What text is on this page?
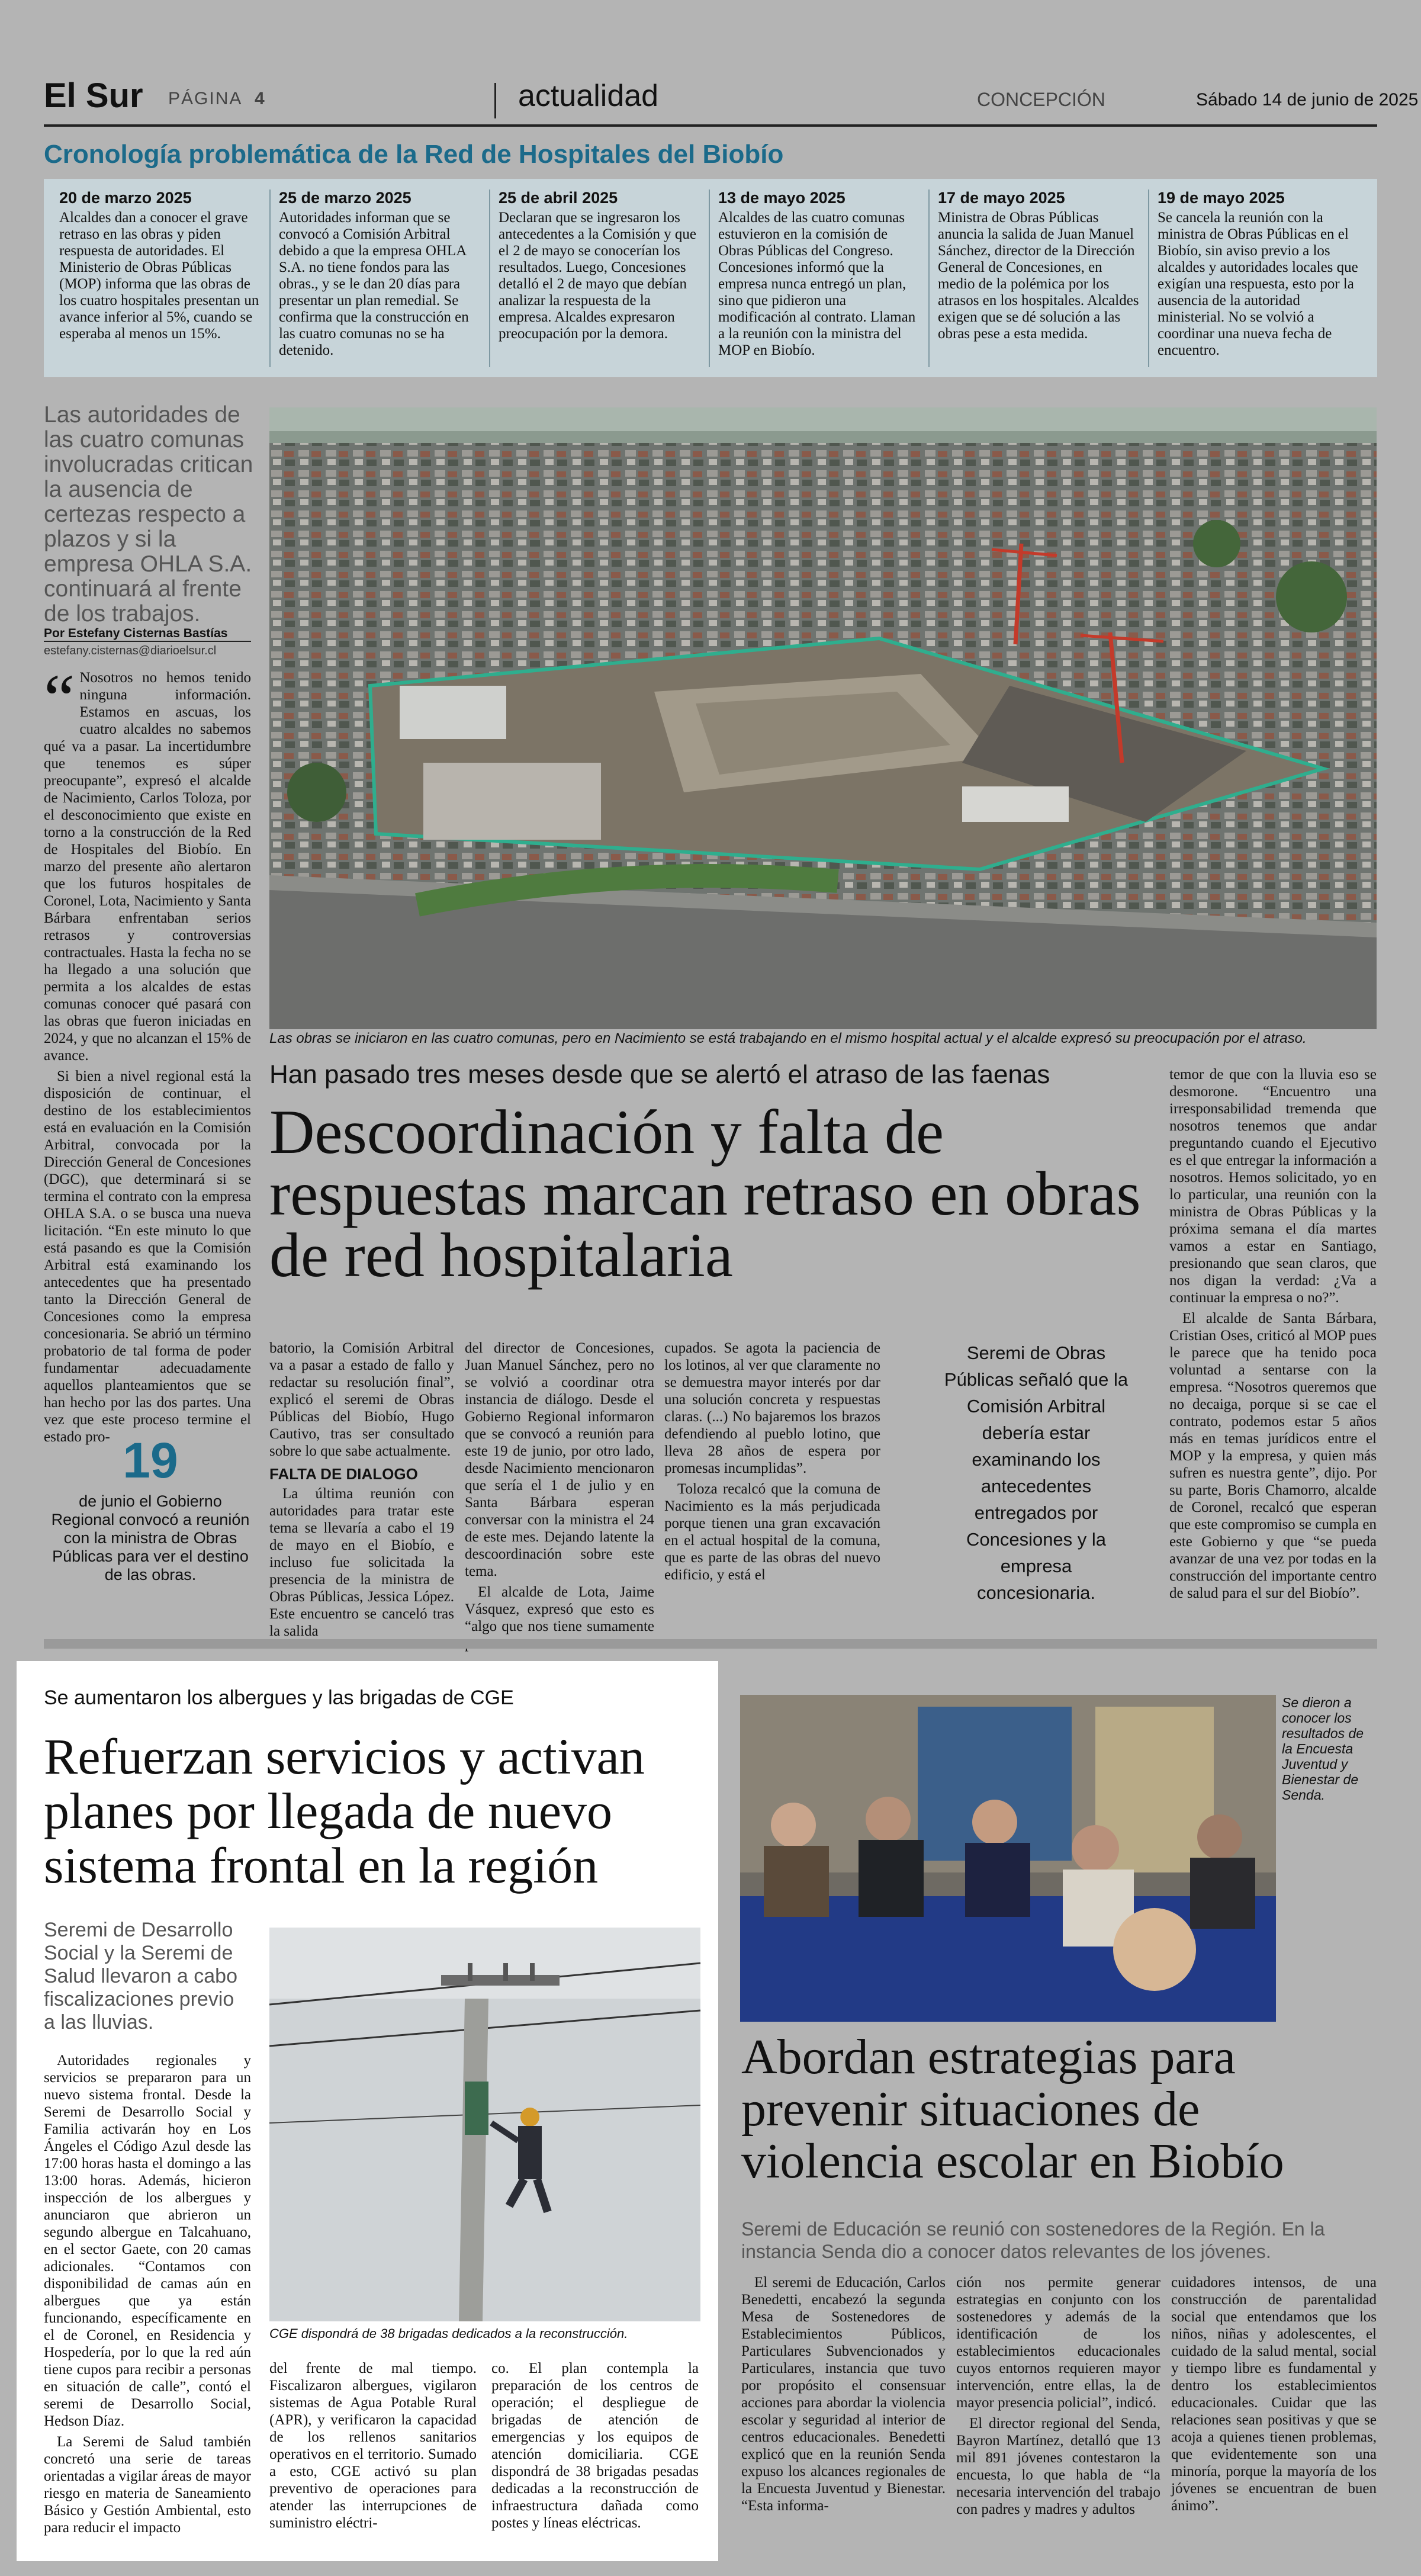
El Sur PÁGINA 4	actualidad	CONCEPCIÓN	Sábado 14 de junio de 2025
Cronología problemática de la Red de Hospitales del Biobío
20 de marzo 2025
Alcaldes dan a conocer el grave retraso en las obras y piden respuesta de autoridades. El Ministerio de Obras Públicas (MOP) informa que las obras de los cuatro hospitales presentan un avance inferior al 5%, cuando se esperaba al menos un 15%.
25 de marzo 2025
Autoridades informan que se convocó a Comisión Arbitral debido a que la empresa OHLA S.A. no tiene fondos para las obras., y se le dan 20 días para presentar un plan remedial. Se confirma que la construcción en las cuatro comunas no se ha detenido.
25 de abril 2025
Declaran que se ingresaron los antecedentes a la Comisión y que el 2 de mayo se conocerían los resultados. Luego, Concesiones detalló el 2 de mayo que debían analizar la respuesta de la empresa. Alcaldes expresaron preocupación por la demora.
13 de mayo 2025
Alcaldes de las cuatro comunas estuvieron en la comisión de Obras Públicas del Congreso. Concesiones informó que la empresa nunca entregó un plan, sino que pidieron una modificación al contrato. Llaman a la reunión con la ministra del MOP en Biobío.
17 de mayo 2025
Ministra de Obras Públicas anuncia la salida de Juan Manuel Sánchez, director de la Dirección General de Concesiones, en medio de la polémica por los atrasos en los hospitales. Alcaldes exigen que se dé solución a las obras pese a esta medida.
19 de mayo 2025
Se cancela la reunión con la ministra de Obras Públicas en el Biobío, sin aviso previo a los alcaldes y autoridades locales que exigían una respuesta, esto por la ausencia de la autoridad ministerial. No se volvió a coordinar una nueva fecha de encuentro.
Las autoridades de las cuatro comunas involucradas critican la ausencia de certezas respecto a plazos y si la empresa OHLA S.A. continuará al frente de los trabajos.
Por Estefany Cisternas Bastías
estefany.cisternas@diarioelsur.cl

“ Nosotros no hemos tenido ninguna información. Estamos en ascuas, los cuatro alcaldes no sabemos qué va a pasar. La incertidumbre que tenemos es súper preocupante”, expresó el alcalde de Nacimiento, Carlos Toloza, por el desconocimiento que existe en torno a la construcción de la Red de Hospitales del Biobío. En marzo del presente año alertaron que los futuros hospitales de Coronel, Lota, Nacimiento y Santa Bárbara enfrentaban serios retrasos y controversias contractuales. Hasta la fecha no se ha llegado a una solución que permita a los alcaldes de estas comunas conocer qué pasará con las obras que fueron iniciadas en 2024, y que no alcanzan el 15% de avance.

Si bien a nivel regional está la disposición de continuar, el destino de los establecimientos está en evaluación en la Comisión Arbitral, convocada por la Dirección General de Concesiones (DGC), que determinará si se termina el contrato con la empresa OHLA S.A. o se busca una nueva licitación. “En este minuto lo que está pasando es que la Comisión Arbitral está examinando los antecedentes que ha presentado tanto la Dirección General de Concesiones como la empresa concesionaria. Se abrió un término probatorio de tal forma de poder fundamentar adecuadamente aquellos planteamientos que se han hecho por las dos partes. Una vez que este proceso termine el estado pro- 19
de junio el Gobierno Regional convocó a reunión con la ministra de Obras Públicas para ver el destino de las obras.
Las obras se iniciaron en las cuatro comunas, pero en Nacimiento se está trabajando en el mismo hospital actual y el alcalde expresó su preocupación por el atraso.
Han pasado tres meses desde que se alertó el atraso de las faenas
Descoordinación y falta de respuestas marcan retraso en obras de red hospitalaria

batorio, la Comisión Arbitral va a pasar a estado de fallo y redactar su resolución final”, explicó el seremi de Obras Públicas del Biobío, Hugo Cautivo, tras ser consultado sobre lo que sabe actualmente.

FALTA DE DIALOGO

La última reunión con autoridades para tratar este tema se llevaría a cabo el 19 de mayo en el Biobío, e incluso fue solicitada la presencia de la ministra de Obras Públicas, Jessica López. Este encuentro se canceló tras la salida

del director de Concesiones, Juan Manuel Sánchez, pero no se volvió a coordinar otra instancia de diálogo. Desde el Gobierno Regional informaron que se convocó a reunión para este 19 de junio, por otro lado, desde Nacimiento mencionaron que sería el 1 de julio y en Santa Bárbara esperan conversar con la ministra el 24 de este mes. Dejando latente la descoordinación sobre este tema.

El alcalde de Lota, Jaime Vásquez, expresó que esto es “algo que nos tiene sumamente

cupados. Se agota la paciencia de los lotinos, al ver que claramente no se demuestra mayor interés por dar una solución concreta y respuestas claras. (...) No bajaremos los brazos defendiendo al pueblo lotino, que lleva 28 años de espera por promesas incumplidas”.

Toloza recalcó que la comuna de Nacimiento es la más perjudicada porque tienen una gran excavación en el actual hospital de la comuna, que es parte de las obras del nuevo edificio, y está el

Seremi de Obras Públicas señaló que la Comisión Arbitral debería estar examinando los antecedentes entregados por Concesiones y la empresa concesionaria.

temor de que con la lluvia eso se desmorone. “Encuentro una irresponsabilidad tremenda que nosotros tenemos que andar preguntando cuando el Ejecutivo es el que entregar la información a nosotros. Hemos solicitado, yo en lo particular, una reunión con la ministra de Obras Públicas y la próxima semana el día martes vamos a estar en Santiago, presionando que sean claros, que nos digan la verdad: ¿Va a continuar la empresa o no?”.

El alcalde de Santa Bárbara, Cristian Oses, criticó al MOP pues le parece que ha tenido poca voluntad a sentarse con la empresa. “Nosotros queremos que no decaiga, porque si se cae el contrato, podemos estar 5 años más en temas jurídicos entre el MOP y la empresa, y quien más sufren es nuestra gente”, dijo. Por su parte, Boris Chamorro, alcalde de Coronel, recalcó que esperan que este compromiso se cumpla en este Gobierno y que “se pueda avanzar de una vez por todas en la construcción del importante centro de salud para el sur del Biobío”.

Se aumentaron los albergues y las brigadas de CGE
Refuerzan servicios y activan planes por llegada de nuevo sistema frontal en la región
Seremi de Desarrollo Social y la Seremi de Salud llevaron a cabo fiscalizaciones previo a las lluvias.

Autoridades regionales y servicios se prepararon para un nuevo sistema frontal. Desde la Seremi de Desarrollo Social y Familia activarán hoy en Los Ángeles el Código Azul desde las 17:00 horas hasta el domingo a las 13:00 horas. Además, hicieron inspección de los albergues y anunciaron que abrieron un segundo albergue en Talcahuano, en el sector Gaete, con 20 camas adicionales. “Contamos con disponibilidad de camas aún en albergues que ya están funcionando, específicamente en el de Coronel, en Residencia y Hospedería, por lo que la red aún tiene cupos para recibir a personas en situación de calle”, contó el seremi de Desarrollo Social, Hedson Díaz.

La Seremi de Salud también concretó una serie de tareas orientadas a vigilar áreas de mayor riesgo en materia de Saneamiento Básico y Gestión Ambiental, esto para reducir el impacto

CGE dispondrá de 38 brigadas dedicados a la reconstrucción.

del frente de mal tiempo. Fiscalizaron albergues, vigilaron sistemas de Agua Potable Rural (APR), y verificaron la capacidad de los rellenos sanitarios operativos en el territorio. Sumado a esto, CGE activó su plan preventivo de operaciones para atender las interrupciones de suministro eléctri-

co. El plan contempla la preparación de los centros de operación; el despliegue de brigadas de atención de emergencias y los equipos de atención domiciliaria. CGE dispondrá de 38 brigadas pesadas dedicadas a la reconstrucción de infraestructura dañada como postes y líneas eléctricas.

Se dieron a conocer los resultados de la Encuesta Juventud y Bienestar de Senda.
Abordan estrategias para prevenir situaciones de violencia escolar en Biobío
Seremi de Educación se reunió con sostenedores de la Región. En la instancia Senda dio a conocer datos relevantes de los jóvenes.

El seremi de Educación, Carlos Benedetti, encabezó la segunda Mesa de Sostenedores de Establecimientos Públicos, Particulares Subvencionados y Particulares, instancia que tuvo por propósito el consensuar acciones para abordar la violencia escolar y seguridad al interior de centros educacionales. Benedetti explicó que en la reunión Senda expuso los alcances regionales de la Encuesta Juventud y Bienestar. “Esta informa-

ción nos permite generar estrategias en conjunto con los sostenedores y además de la identificación de los establecimientos educacionales cuyos entornos requieren mayor intervención, entre ellas, la de mayor presencia policial”, indicó.

El director regional del Senda, Bayron Martínez, detalló que 13 mil 891 jóvenes contestaron la encuesta, lo que habla de “la necesaria intervención del trabajo con padres y madres y adultos

cuidadores intensos, de una construcción de parentalidad social que entendamos que los niños, niñas y adolescentes, el cuidado de la salud mental, social y tiempo libre es fundamental y dentro los establecimientos educacionales. Cuidar que las relaciones sean positivas y que se acoja a quienes tienen problemas, que evidentemente son una minoría, porque la mayoría de los jóvenes se encuentran de buen ánimo”.
